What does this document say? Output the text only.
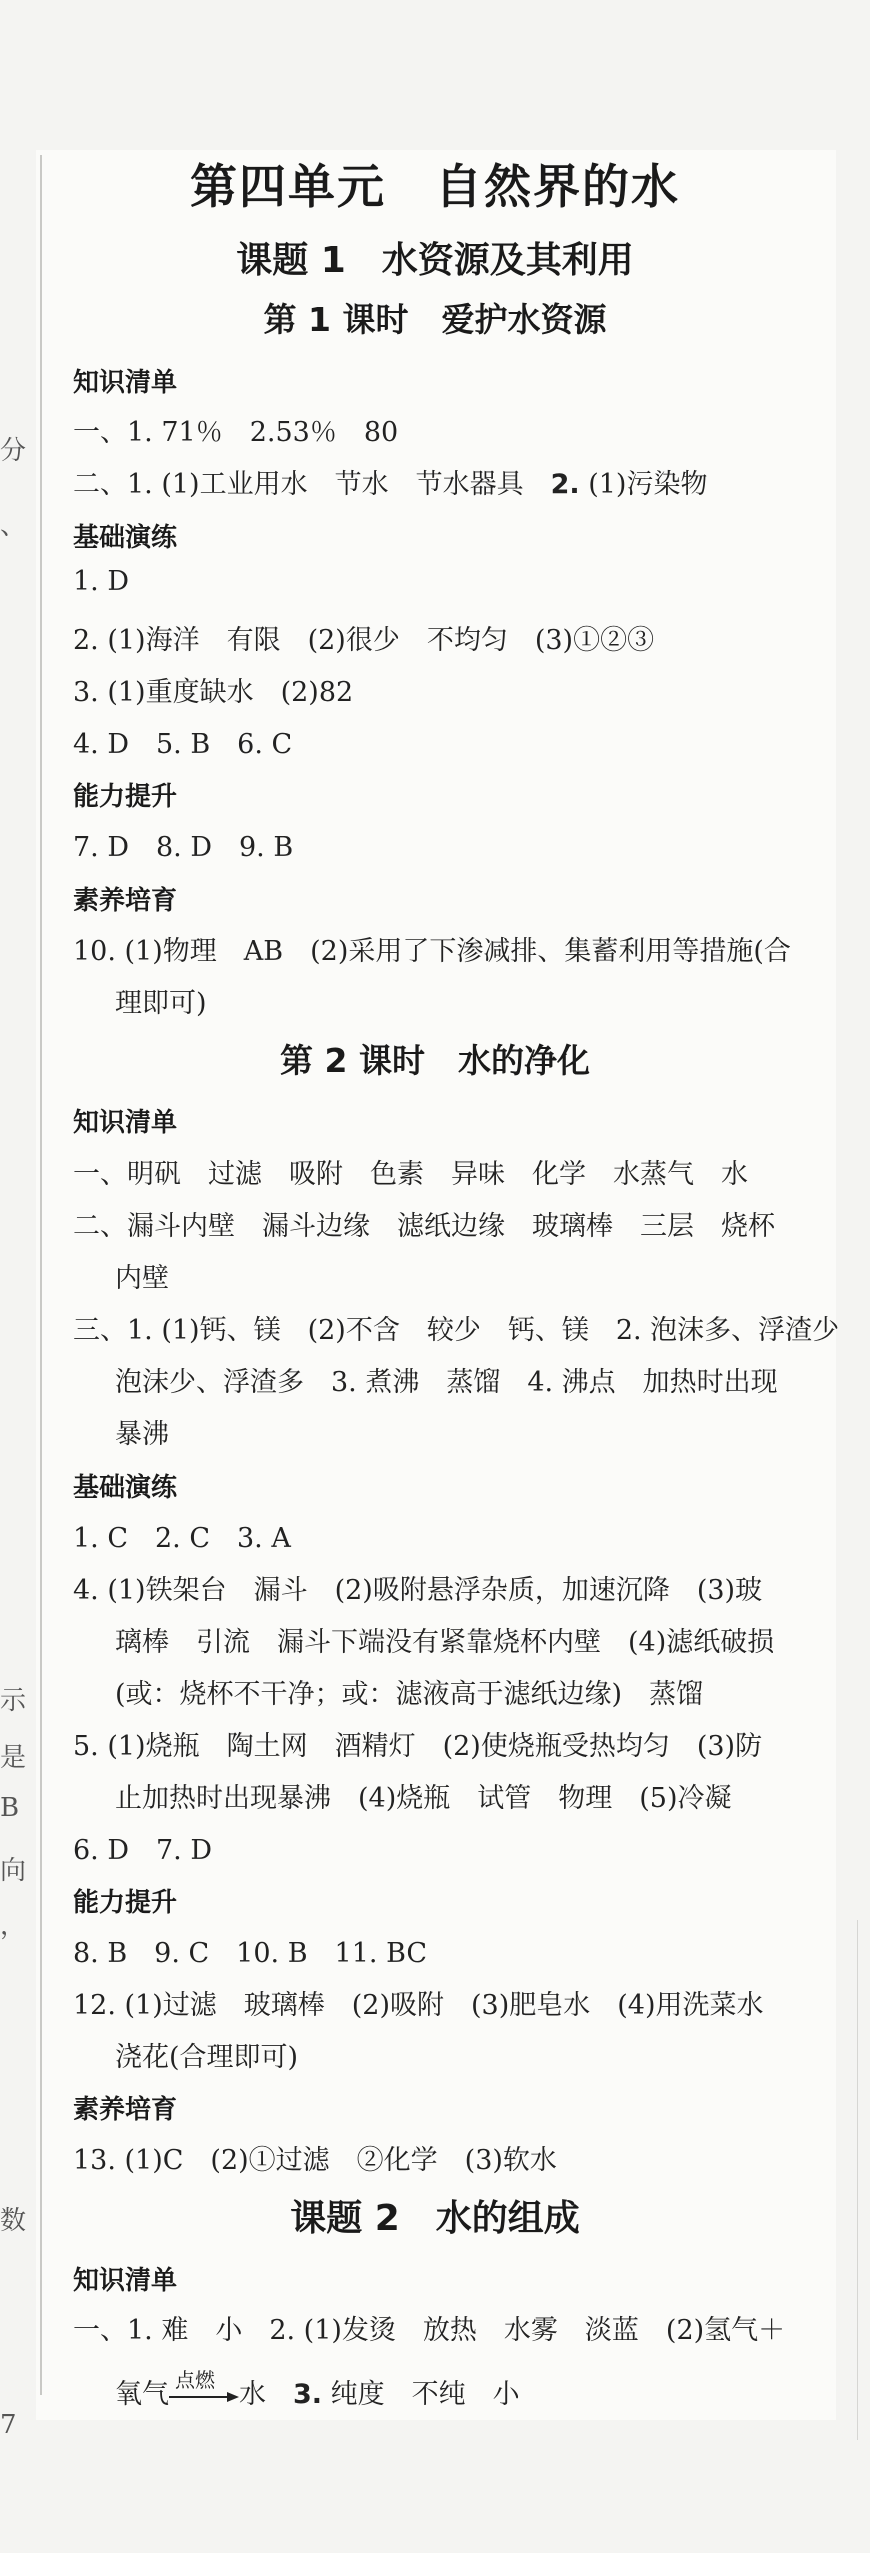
分
、
示
是
B
向
，
数
7
第四单元　自然界的水
课题 1　水资源及其利用
第 1 课时　爱护水资源
知识清单
一、1. 71％　2.53％　80
二、1. (1)工业用水　节水　节水器具　2. (1)污染物
基础演练
1. D
2. (1)海洋　有限　(2)很少　不均匀　(3)①②③
3. (1)重度缺水　(2)82
4. D　5. B　6. C
能力提升
7. D　8. D　9. B
素养培育
10. (1)物理　AB　(2)采用了下渗减排、集蓄利用等措施(合
理即可)
第 2 课时　水的净化
知识清单
一、明矾　过滤　吸附　色素　异味　化学　水蒸气　水
二、漏斗内壁　漏斗边缘　滤纸边缘　玻璃棒　三层　烧杯
内壁
三、1. (1)钙、镁　(2)不含　较少　钙、镁　2. 泡沫多、浮渣少
泡沫少、浮渣多　3. 煮沸　蒸馏　4. 沸点　加热时出现
暴沸
基础演练
1. C　2. C　3. A
4. (1)铁架台　漏斗　(2)吸附悬浮杂质，加速沉降　(3)玻
璃棒　引流　漏斗下端没有紧靠烧杯内壁　(4)滤纸破损
(或：烧杯不干净；或：滤液高于滤纸边缘)　蒸馏
5. (1)烧瓶　陶土网　酒精灯　(2)使烧瓶受热均匀　(3)防
止加热时出现暴沸　(4)烧瓶　试管　物理　(5)冷凝
6. D　7. D
能力提升
8. B　9. C　10. B　11. BC
12. (1)过滤　玻璃棒　(2)吸附　(3)肥皂水　(4)用洗菜水
浇花(合理即可)
素养培育
13. (1)C　(2)①过滤　②化学　(3)软水
课题 2　水的组成
知识清单
一、1. 难　小　2. (1)发烫　放热　水雾　淡蓝　(2)氢气＋
氧气 点燃 水　3. 纯度　不纯　小
